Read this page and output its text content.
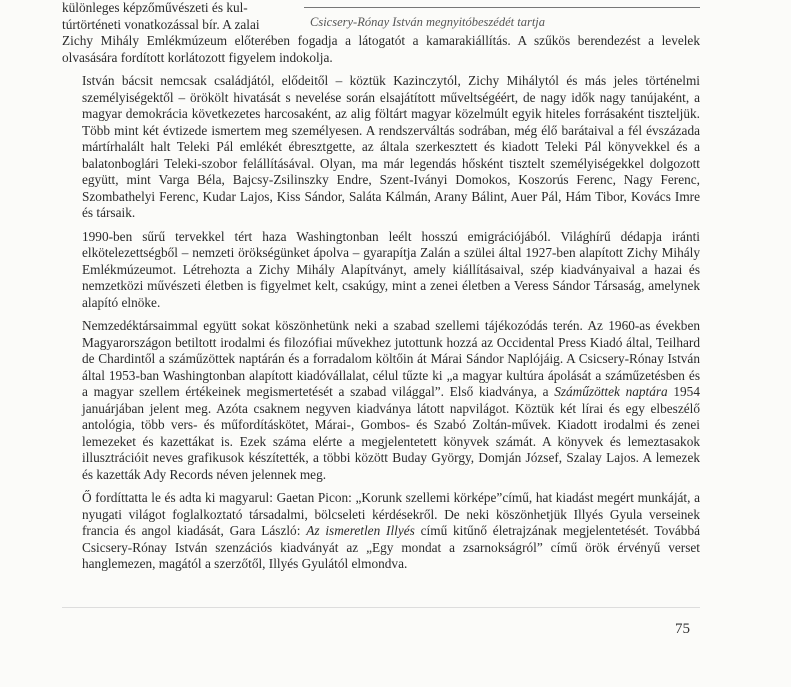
különleges képzőművészeti és kul-
túrtörténeti vonatkozással bír. A zalai	Csicsery-Rónay István megnyitóbeszédét tartja

Zichy Mihály Emlékmúzeum előterében fogadja a látogatót a kamarakiállítás. A szűkös berendezést a levelek olvasására fordított korlátozott figyelem indokolja.

István bácsit nemcsak családjától, elődeitől – köztük Kazinczytól, Zichy Mihálytól és más jeles történelmi személyiségektől – örökölt hivatását s nevelése során elsajátított műveltségéért, de nagy idők nagy tanújaként, a magyar demokrácia következetes harcosaként, az alig föltárt magyar közelmúlt egyik hiteles forrásaként tiszteljük. Több mint két évtizede ismertem meg személyesen. A rendszerváltás sodrában, még élő barátaival a fél évszázada mártírhalált halt Teleki Pál emlékét ébresztgette, az általa szerkesztett és kiadott Teleki Pál könyvekkel és a balatonboglári Teleki-szobor felállításával. Olyan, ma már legendás hősként tisztelt személyiségekkel dolgozott együtt, mint Varga Béla, Bajcsy-Zsilinszky Endre, Szent-Iványi Domokos, Koszorús Ferenc, Nagy Ferenc, Szombathelyi Ferenc, Kudar Lajos, Kiss Sándor, Saláta Kálmán, Arany Bálint, Auer Pál, Hám Tibor, Kovács Imre és társaik.

1990-ben sűrű tervekkel tért haza Washingtonban leélt hosszú emigrációjából. Világhírű dédapja iránti elkötelezettségből – nemzeti örökségünket ápolva – gyarapítja Zalán a szülei által 1927-ben alapított Zichy Mihály Emlékmúzeumot. Létrehozta a Zichy Mihály Alapítványt, amely kiállításaival, szép kiadványaival a hazai és nemzetközi művészeti életben is figyelmet kelt, csakúgy, mint a zenei életben a Veress Sándor Társaság, amelynek alapító elnöke.

Nemzedéktársaimmal együtt sokat köszönhetünk neki a szabad szellemi tájékozódás terén. Az 1960-as években Magyarországon betiltott irodalmi és filozófiai művekhez jutottunk hozzá az Occidental Press Kiadó által, Teilhard de Chardintől a száműzöttek naptárán és a forradalom költőin át Márai Sándor Naplójáig. A Csicsery-Rónay István által 1953-ban Washingtonban alapított kiadóvállalat, célul tűzte ki „a magyar kultúra ápolását a száműzetésben és a magyar szellem értékeinek megismertetését a szabad világgal”. Első kiadványa, a Száműzöttek naptára 1954 januárjában jelent meg. Azóta csaknem negyven kiadványa látott napvilágot. Köztük két lírai és egy elbeszélő antológia, több vers- és műfordításkötet, Márai-, Gombos- és Szabó Zoltán-művek. Kiadott irodalmi és zenei lemezeket és kazettákat is. Ezek száma elérte a megjelentetett könyvek számát. A könyvek és lemeztasakok illusztrációit neves grafikusok készítették, a többi között Buday György, Domján József, Szalay Lajos. A lemezek és kazetták Ady Records néven jelennek meg.

Ő fordíttatta le és adta ki magyarul: Gaetan Picon: „Korunk szellemi körképe”című, hat kiadást megért munkáját, a nyugati világot foglalkoztató társadalmi, bölcseleti kérdésekről. De neki köszönhetjük Illyés Gyula verseinek francia és angol kiadását, Gara László: Az ismeretlen Illyés című kitűnő életrajzának megjelentetését. Továbbá Csicsery-Rónay István szenzációs kiadványát az „Egy mondat a zsarnokságról” című örök érvényű verset hanglemezen, magától a szerzőtől, Illyés Gyulától elmondva.

75
